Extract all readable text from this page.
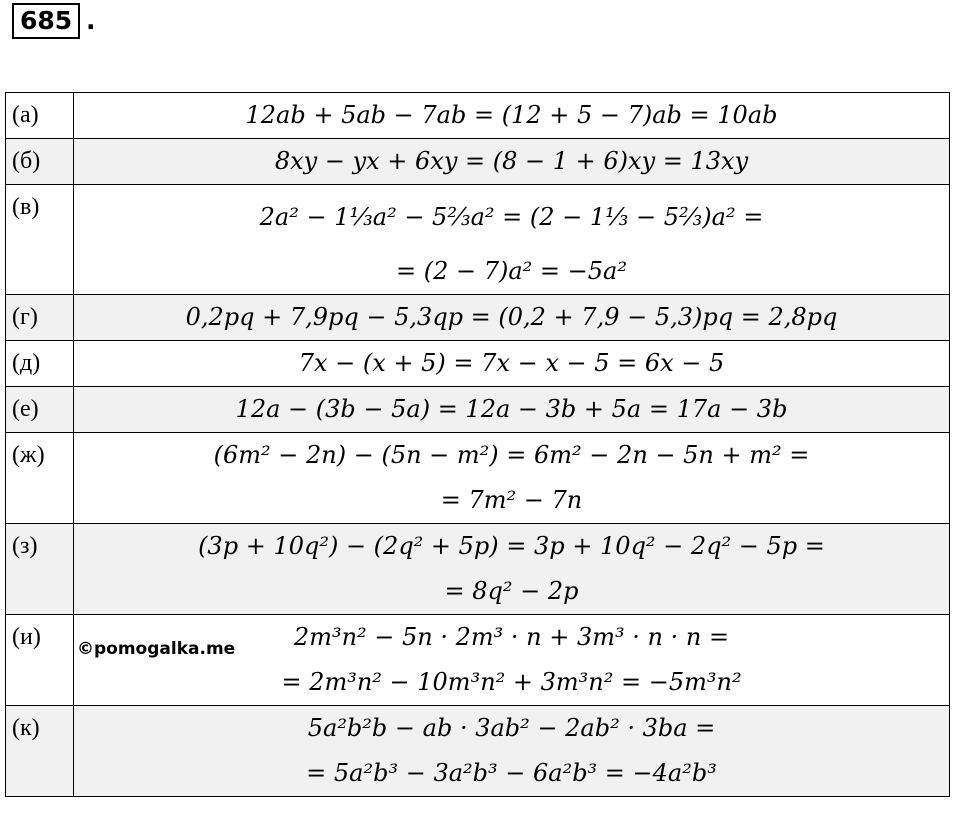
685 .
(а)	12ab + 5ab − 7ab = (12 + 5 − 7)ab = 10ab

(б)	8xy − yx + 6xy = (8 − 1 + 6)xy = 13xy

(в)	2a² − 1⅓a² − 5⅔a² = (2 − 1⅓ − 5⅔)a² =
= (2 − 7)a² = −5a²

(г)	0,2pq + 7,9pq − 5,3qp = (0,2 + 7,9 − 5,3)pq = 2,8pq

(д)	7x − (x + 5) = 7x − x − 5 = 6x − 5

(е)	12a − (3b − 5a) = 12a − 3b + 5a = 17a − 3b

(ж)	(6m² − 2n) − (5n − m²) = 6m² − 2n − 5n + m² =
= 7m² − 7n

(з)	(3p + 10q²) − (2q² + 5p) = 3p + 10q² − 2q² − 5p =
= 8q² − 2p

(и)	©pomogalka.me 2m³n² − 5n · 2m³ · n + 3m³ · n · n =
= 2m³n² − 10m³n² + 3m³n² = −5m³n²

(к)	5a²b²b − ab · 3ab² − 2ab² · 3ba =
= 5a²b³ − 3a²b³ − 6a²b³ = −4a²b³
